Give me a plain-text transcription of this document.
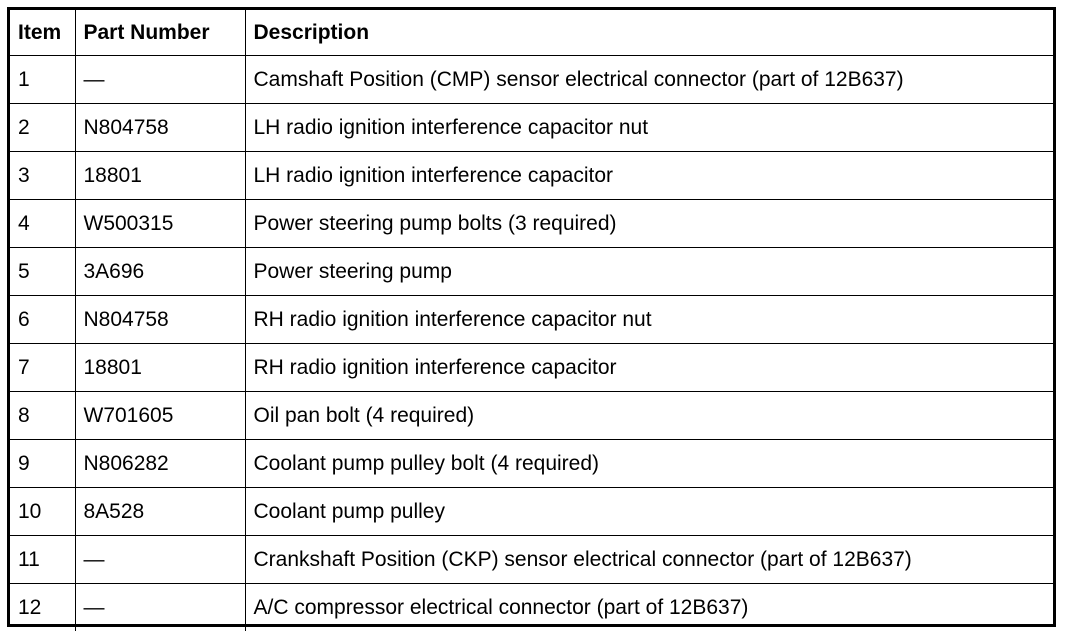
Item	Part Number	Description
1	—	Camshaft Position (CMP) sensor electrical connector (part of 12B637)
2	N804758	LH radio ignition interference capacitor nut
3	18801	LH radio ignition interference capacitor
4	W500315	Power steering pump bolts (3 required)
5	3A696	Power steering pump
6	N804758	RH radio ignition interference capacitor nut
7	18801	RH radio ignition interference capacitor
8	W701605	Oil pan bolt (4 required)
9	N806282	Coolant pump pulley bolt (4 required)
10	8A528	Coolant pump pulley
11	—	Crankshaft Position (CKP) sensor electrical connector (part of 12B637)
12	—	A/C compressor electrical connector (part of 12B637)
